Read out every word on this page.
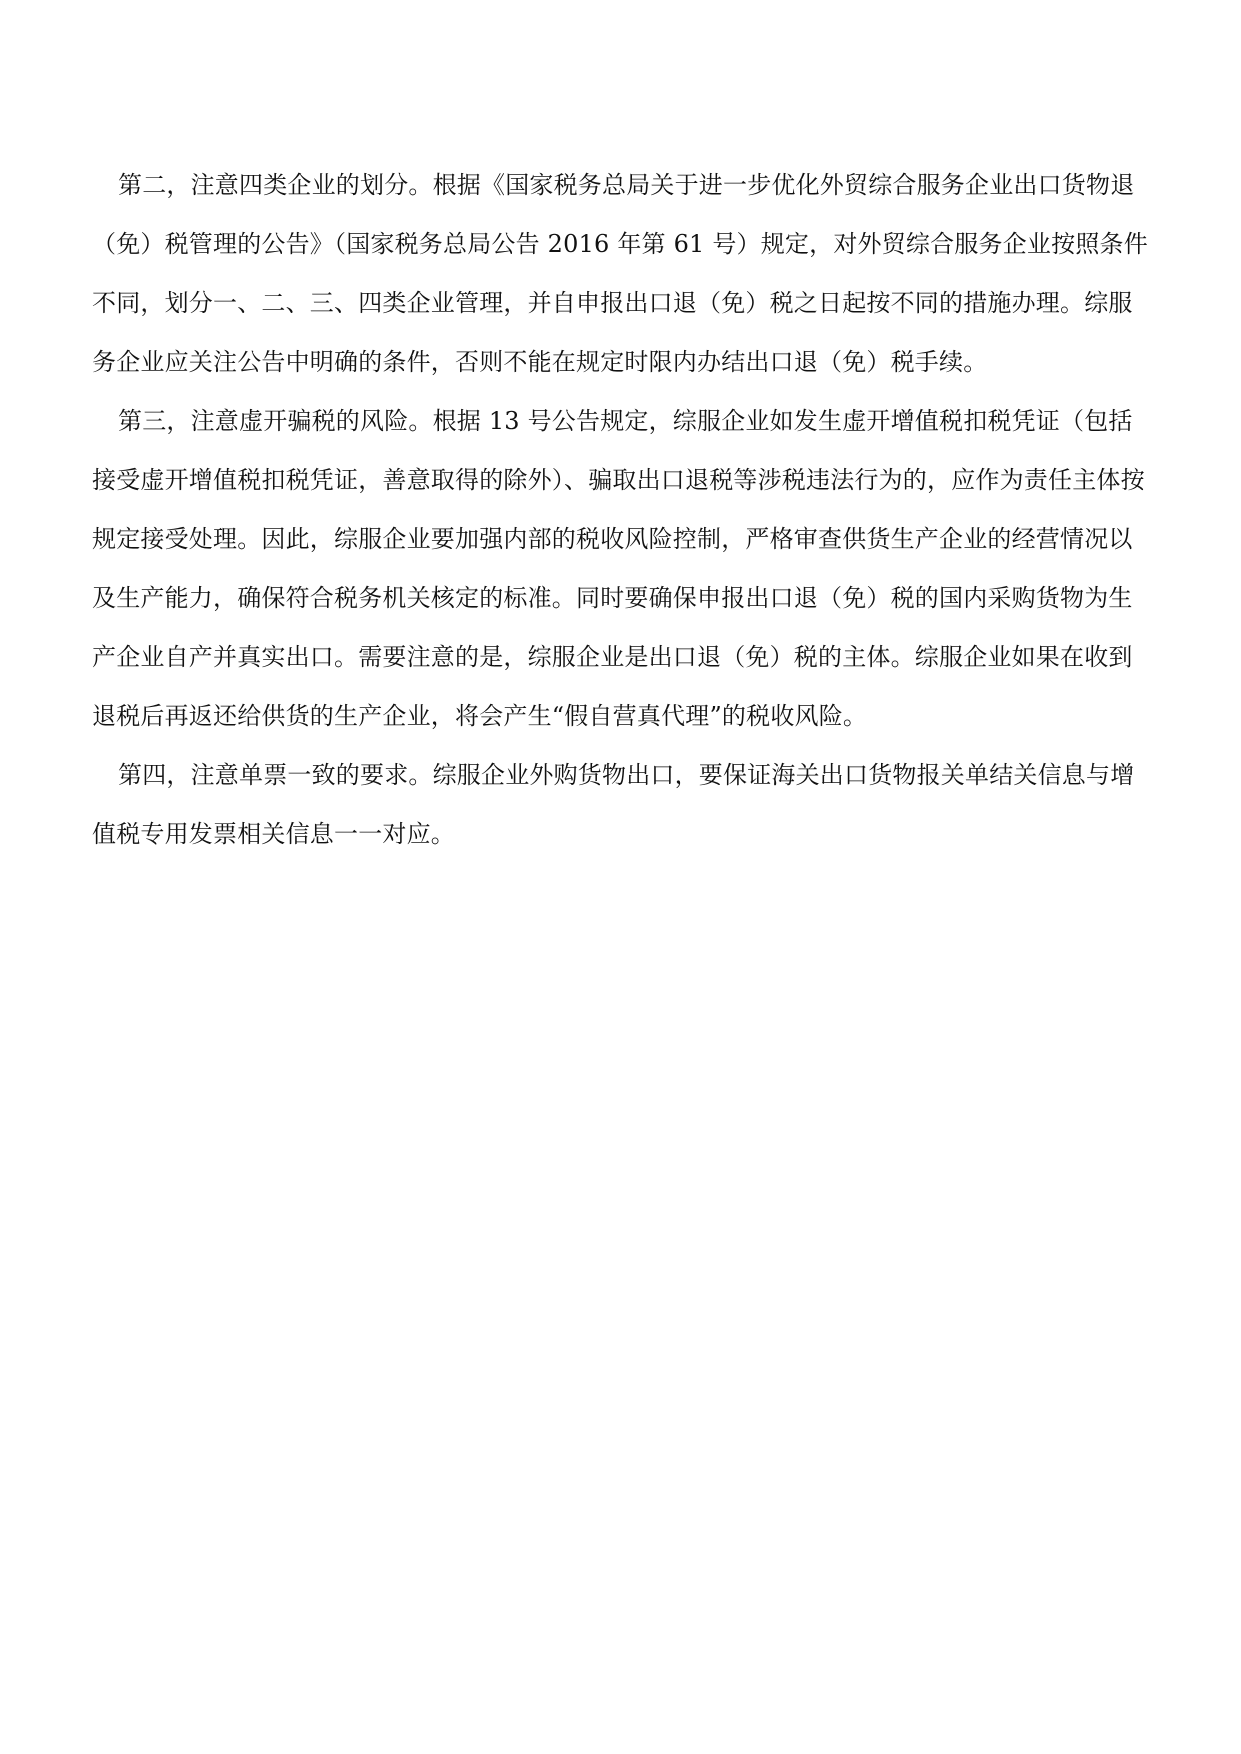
第二，注意四类企业的划分。根据《国家税务总局关于进一步优化外贸综合服务企业出口货物退（免）税管理的公告》（国家税务总局公告 2016 年第 61 号）规定，对外贸综合服务企业按照条件不同，划分一、二、三、四类企业管理，并自申报出口退（免）税之日起按不同的措施办理。综服务企业应关注公告中明确的条件，否则不能在规定时限内办结出口退（免）税手续。

第三，注意虚开骗税的风险。根据 13 号公告规定，综服企业如发生虚开增值税扣税凭证（包括接受虚开增值税扣税凭证，善意取得的除外）、骗取出口退税等涉税违法行为的，应作为责任主体按规定接受处理。因此，综服企业要加强内部的税收风险控制，严格审查供货生产企业的经营情况以及生产能力，确保符合税务机关核定的标准。同时要确保申报出口退（免）税的国内采购货物为生产企业自产并真实出口。需要注意的是，综服企业是出口退（免）税的主体。综服企业如果在收到退税后再返还给供货的生产企业，将会产生“假自营真代理”的税收风险。

第四，注意单票一致的要求。综服企业外购货物出口，要保证海关出口货物报关单结关信息与增值税专用发票相关信息一一对应。
